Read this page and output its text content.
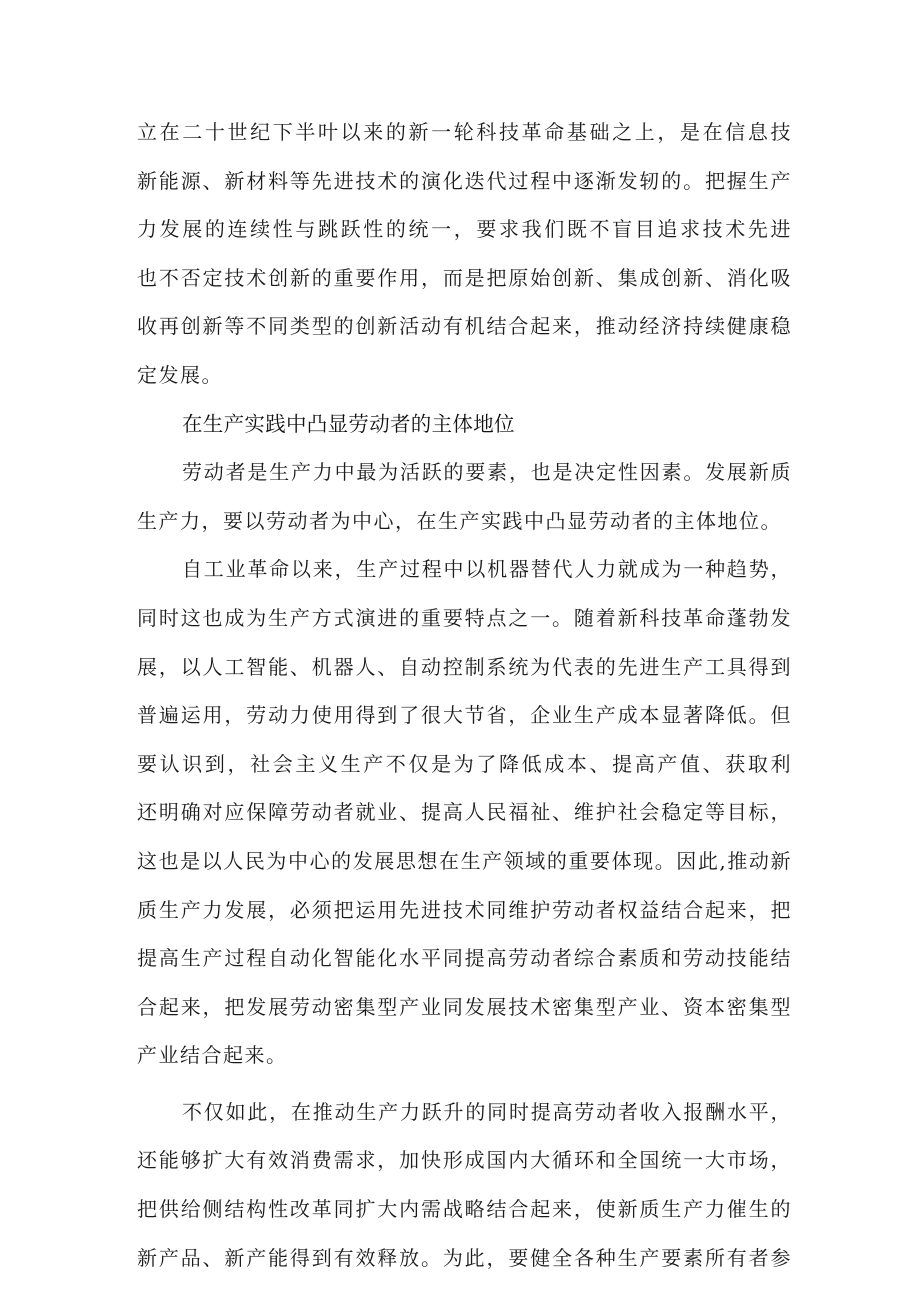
立在二十世纪下半叶以来的新一轮科技革命基础之上，是在信息技
新能源、新材料等先进技术的演化迭代过程中逐渐发轫的。把握生产
力发展的连续性与跳跃性的统一，要求我们既不盲目追求技术先进
也不否定技术创新的重要作用，而是把原始创新、集成创新、消化吸
收再创新等不同类型的创新活动有机结合起来，推动经济持续健康稳
定发展。
在生产实践中凸显劳动者的主体地位
劳动者是生产力中最为活跃的要素，也是决定性因素。发展新质
生产力，要以劳动者为中心，在生产实践中凸显劳动者的主体地位。
自工业革命以来，生产过程中以机器替代人力就成为一种趋势，
同时这也成为生产方式演进的重要特点之一。随着新科技革命蓬勃发
展，以人工智能、机器人、自动控制系统为代表的先进生产工具得到
普遍运用，劳动力使用得到了很大节省，企业生产成本显著降低。但
要认识到，社会主义生产不仅是为了降低成本、提高产值、获取利
还明确对应保障劳动者就业、提高人民福祉、维护社会稳定等目标，
这也是以人民为中心的发展思想在生产领域的重要体现。因此,推动新
质生产力发展，必须把运用先进技术同维护劳动者权益结合起来，把
提高生产过程自动化智能化水平同提高劳动者综合素质和劳动技能结
合起来，把发展劳动密集型产业同发展技术密集型产业、资本密集型
产业结合起来。
不仅如此，在推动生产力跃升的同时提高劳动者收入报酬水平，
还能够扩大有效消费需求，加快形成国内大循环和全国统一大市场，
把供给侧结构性改革同扩大内需战略结合起来，使新质生产力催生的
新产品、新产能得到有效释放。为此，要健全各种生产要素所有者参
